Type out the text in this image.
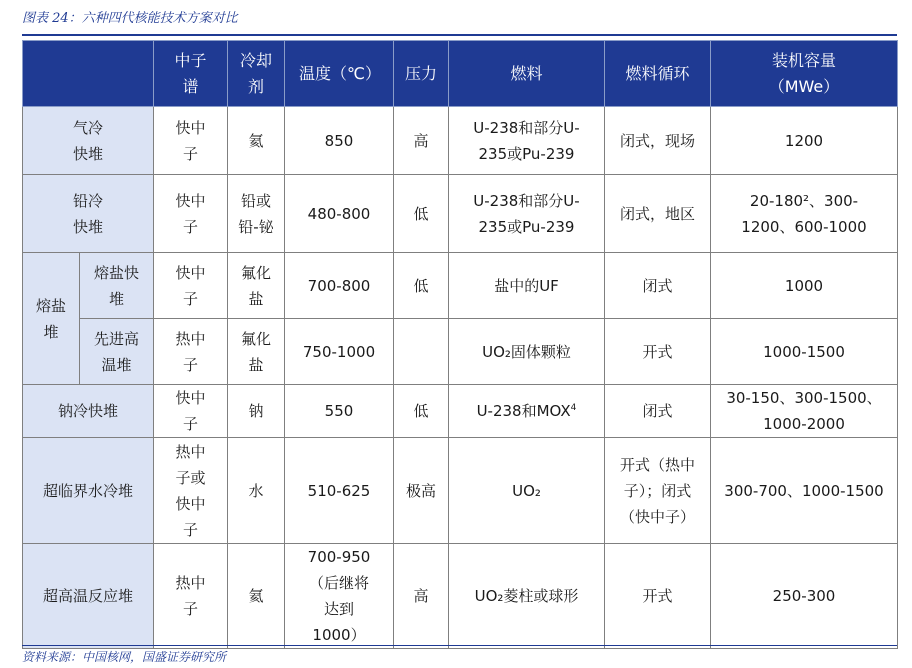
图表 24：六种四代核能技术方案对比
		中子谱	冷却剂	温度（℃）	压力	燃料	燃料循环	装机容量（MWe）
气冷快堆		快中子	氦	850	高	U-238和部分U-235或Pu-239	闭式，现场	1200
铅冷快堆		快中子	铅或铅-铋	480-800	低	U-238和部分U-235或Pu-239	闭式，地区	20-180²、300-1200、600-1000
熔盐堆	熔盐快堆	快中子	氟化盐	700-800	低	盐中的UF	闭式	1000
	先进高温堆	热中子	氟化盐	750-1000		UO₂固体颗粒	开式	1000-1500
钠冷快堆		快中子	钠	550	低	U-238和MOX$^4$	闭式	30-150、300-1500、1000-2000
超临界水冷堆		热中子或快中子	水	510-625	极高	UO₂	开式（热中子）；闭式（快中子）	300-700、1000-1500
超高温反应堆		热中子	氦	700-950（后继将达到1000）	高	UO₂菱柱或球形	开式	250-300
资料来源：中国核网，国盛证券研究所
